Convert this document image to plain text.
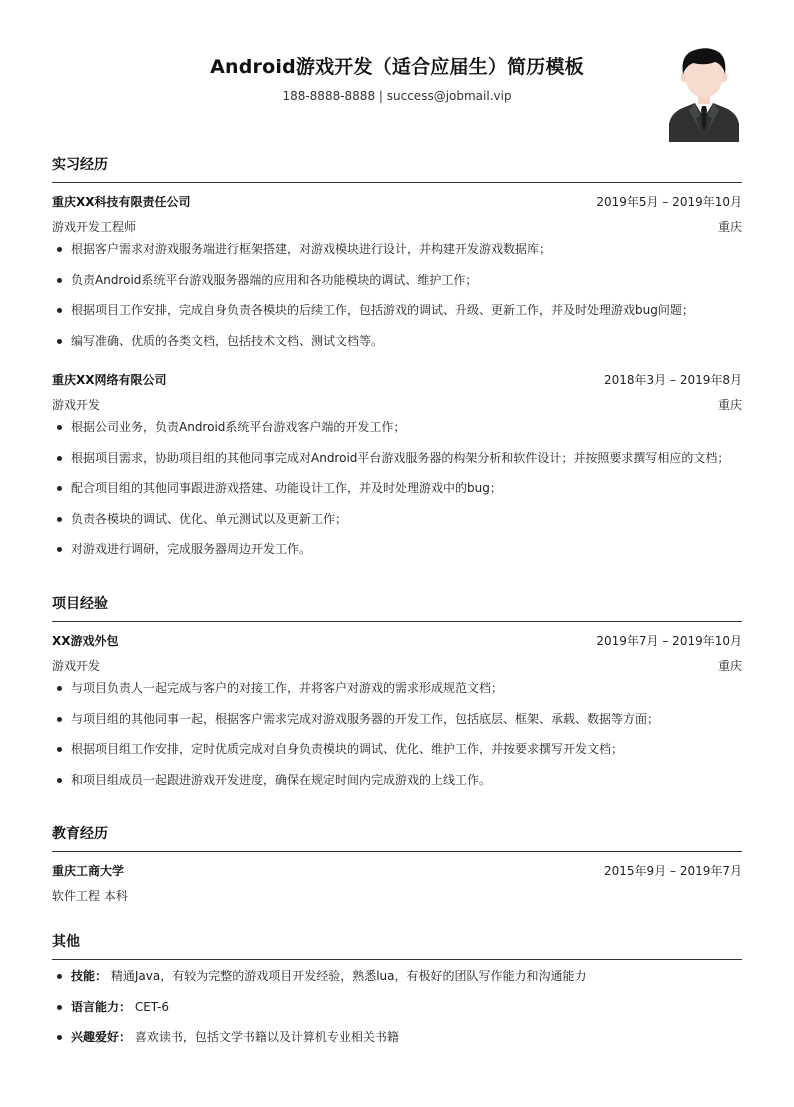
Android游戏开发（适合应届生）简历模板
188-8888-8888 | success@jobmail.vip
实习经历
重庆XX科技有限责任公司	2019年5月 – 2019年10月
游戏开发工程师	重庆
根据客户需求对游戏服务端进行框架搭建，对游戏模块进行设计，并构建开发游戏数据库；
负责Android系统平台游戏服务器端的应用和各功能模块的调试、维护工作；
根据项目工作安排，完成自身负责各模块的后续工作，包括游戏的调试、升级、更新工作，并及时处理游戏bug问题；
编写准确、优质的各类文档，包括技术文档、测试文档等。
重庆XX网络有限公司	2018年3月 – 2019年8月
游戏开发	重庆
根据公司业务，负责Android系统平台游戏客户端的开发工作；
根据项目需求，协助项目组的其他同事完成对Android平台游戏服务器的构架分析和软件设计；并按照要求撰写相应的文档；
配合项目组的其他同事跟进游戏搭建、功能设计工作，并及时处理游戏中的bug；
负责各模块的调试、优化、单元测试以及更新工作；
对游戏进行调研，完成服务器周边开发工作。
项目经验
XX游戏外包	2019年7月 – 2019年10月
游戏开发	重庆
与项目负责人一起完成与客户的对接工作，并将客户对游戏的需求形成规范文档；
与项目组的其他同事一起，根据客户需求完成对游戏服务器的开发工作，包括底层、框架、承载、数据等方面；
根据项目组工作安排，定时优质完成对自身负责模块的调试、优化、维护工作，并按要求撰写开发文档；
和项目组成员一起跟进游戏开发进度，确保在规定时间内完成游戏的上线工作。
教育经历
重庆工商大学	2015年9月 – 2019年7月
软件工程 本科
其他
技能： 精通Java，有较为完整的游戏项目开发经验，熟悉lua，有极好的团队写作能力和沟通能力
语言能力： CET-6
兴趣爱好： 喜欢读书，包括文学书籍以及计算机专业相关书籍
